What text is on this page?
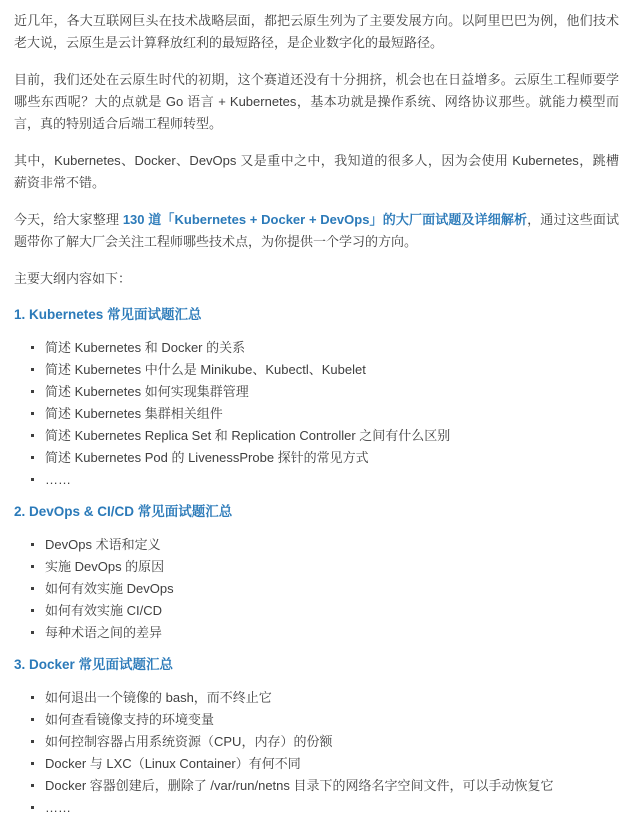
近几年，各大互联网巨头在技术战略层面，都把云原生列为了主要发展方向。以阿里巴巴为例，他们技术老大说，云原生是云计算释放红利的最短路径，是企业数字化的最短路径。

目前，我们还处在云原生时代的初期，这个赛道还没有十分拥挤，机会也在日益增多。云原生工程师要学哪些东西呢？大的点就是 Go 语言 + Kubernetes，基本功就是操作系统、网络协议那些。就能力模型而言，真的特别适合后端工程师转型。

其中，Kubernetes、Docker、DevOps 又是重中之中，我知道的很多人，因为会使用 Kubernetes，跳槽薪资非常不错。

今天，给大家整理 130 道「Kubernetes + Docker + DevOps」的大厂面试题及详细解析，通过这些面试题带你了解大厂会关注工程师哪些技术点，为你提供一个学习的方向。

主要大纲内容如下：

1. Kubernetes 常见面试题汇总
简述 Kubernetes 和 Docker 的关系
简述 Kubernetes 中什么是 Minikube、Kubectl、Kubelet
简述 Kubernetes 如何实现集群管理
简述 Kubernetes 集群相关组件
简述 Kubernetes Replica Set 和 Replication Controller 之间有什么区别
简述 Kubernetes Pod 的 LivenessProbe 探针的常见方式
……
2. DevOps & CI/CD 常见面试题汇总
DevOps 术语和定义
实施 DevOps 的原因
如何有效实施 DevOps
如何有效实施 CI/CD
每种术语之间的差异
3. Docker 常见面试题汇总
如何退出一个镜像的 bash，而不终止它
如何查看镜像支持的环境变量
如何控制容器占用系统资源（CPU，内存）的份额
Docker 与 LXC（Linux Container）有何不同
Docker 容器创建后，删除了 /var/run/netns 目录下的网络名字空间文件，可以手动恢复它
……
